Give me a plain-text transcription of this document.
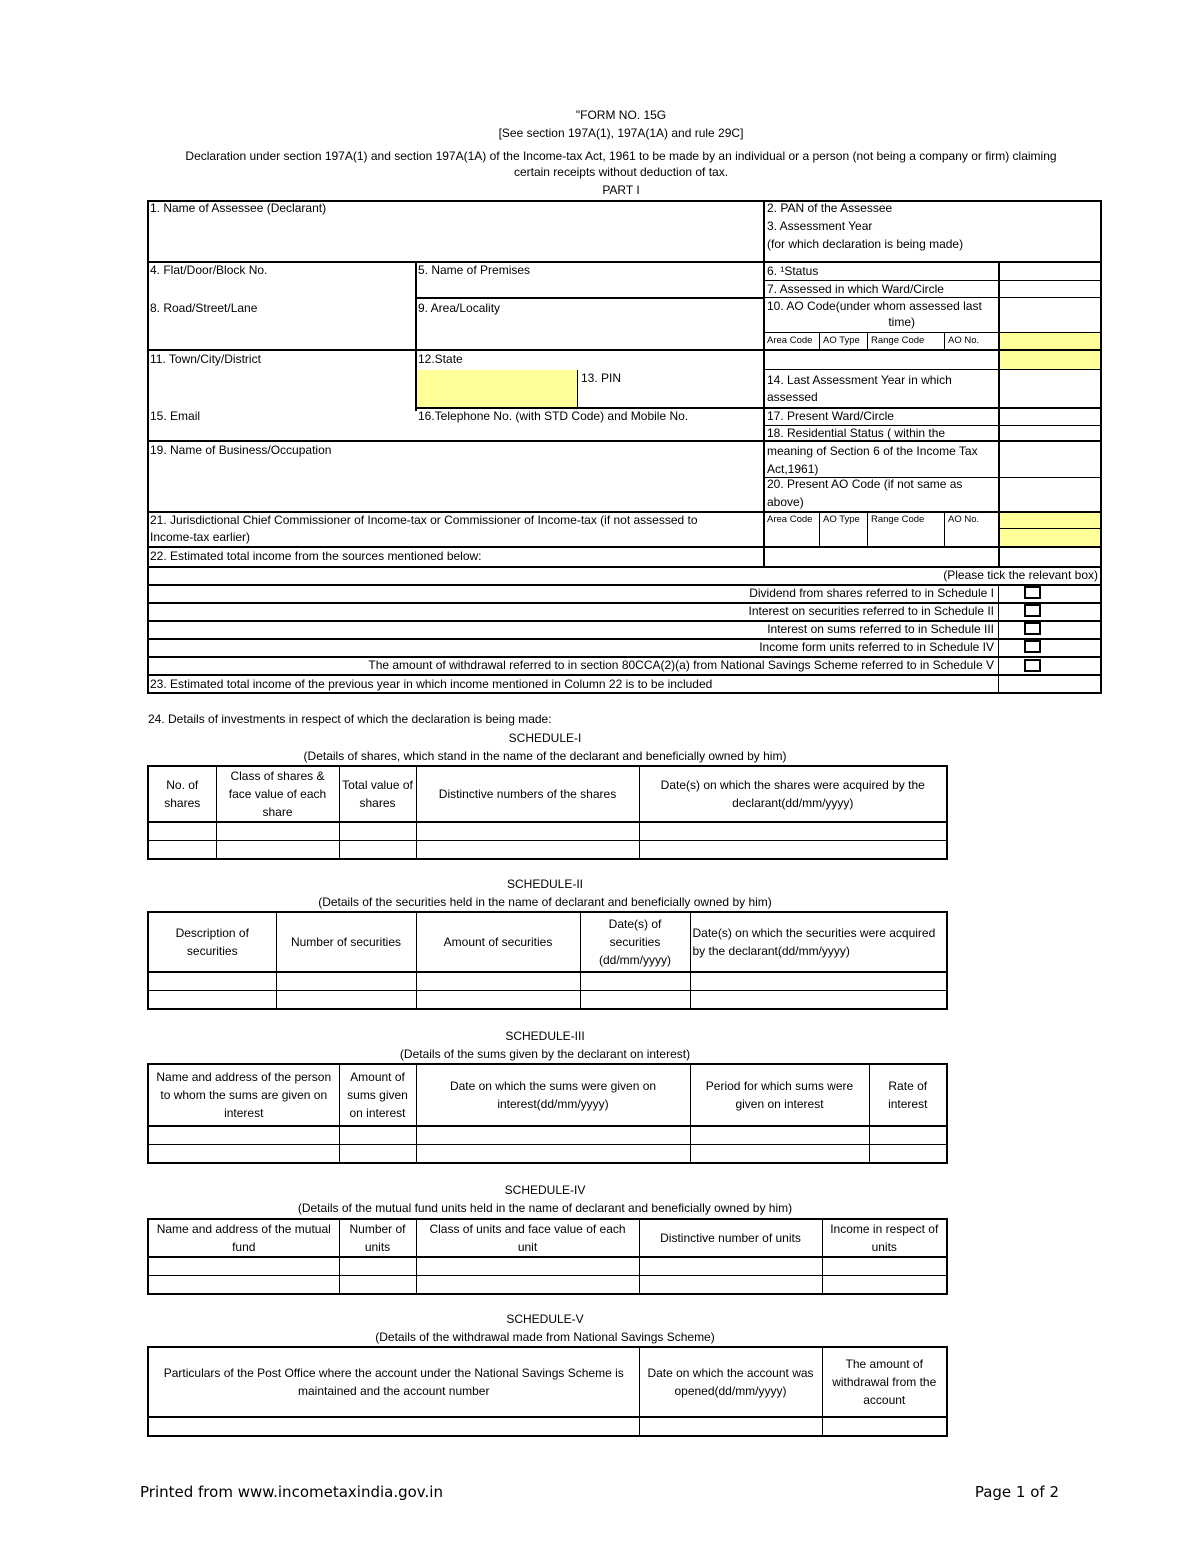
"FORM NO. 15G
[See section 197A(1), 197A(1A) and rule 29C]
Declaration under section 197A(1) and section 197A(1A) of the Income-tax Act, 1961 to be made by an individual or a person (not being a company or firm) claiming
certain receipts without deduction of tax.
PART I
1. Name of Assessee (Declarant)	2. PAN of the Assessee
3. Assessment Year
(for which declaration is being made)
4. Flat/Door/Block No.	5. Name of Premises	6. ¹Status
7. Assessed in which Ward/Circle
8. Road/Street/Lane	9. Area/Locality	10. AO Code(under whom assessed last
time)
Area Code	AO Type	Range Code	AO No.
11. Town/City/District	12.State
13. PIN	14. Last Assessment Year in which
assessed
15. Email	16.Telephone No. (with STD Code) and Mobile No.	17. Present Ward/Circle
18. Residential Status ( within the
meaning of Section 6 of the Income Tax
Act,1961)
19. Name of Business/Occupation
20. Present AO Code (if not same as
above)
21. Jurisdictional Chief Commissioner of Income-tax or Commissioner of Income-tax (if not assessed to
Income-tax earlier)
Area Code	AO Type	Range Code	AO No.
22. Estimated total income from the sources mentioned below:
(Please tick the relevant box)
Dividend from shares referred to in Schedule I
Interest on securities referred to in Schedule II
Interest on sums referred to in Schedule III
Income form units referred to in Schedule IV
The amount of withdrawal referred to in section 80CCA(2)(a) from National Savings Scheme referred to in Schedule V
23. Estimated total income of the previous year in which income mentioned in Column 22 is to be included
24. Details of investments in respect of which the declaration is being made:
SCHEDULE-I
(Details of shares, which stand in the name of the declarant and beneficially owned by him)
No. of shares	Class of shares & face value of each share	Total value of shares	Distinctive numbers of the shares	Date(s) on which the shares were acquired by the declarant(dd/mm/yyyy)

SCHEDULE-II
(Details of the securities held in the name of declarant and beneficially owned by him)
Description of securities	Number of securities	Amount of securities	Date(s) of securities (dd/mm/yyyy)	Date(s) on which the securities were acquired by the declarant(dd/mm/yyyy)

SCHEDULE-III
(Details of the sums given by the declarant on interest)
Name and address of the person to whom the sums are given on interest	Amount of sums given on interest	Date on which the sums were given on interest(dd/mm/yyyy)	Period for which sums were given on interest	Rate of interest

SCHEDULE-IV
(Details of the mutual fund units held in the name of declarant and beneficially owned by him)
Name and address of the mutual fund	Number of units	Class of units and face value of each unit	Distinctive number of units	Income in respect of units

SCHEDULE-V
(Details of the withdrawal made from National Savings Scheme)
Particulars of the Post Office where the account under the National Savings Scheme is maintained and the account number	Date on which the account was opened(dd/mm/yyyy)	The amount of withdrawal from the account

Printed from www.incometaxindia.gov.in	Page 1 of 2
